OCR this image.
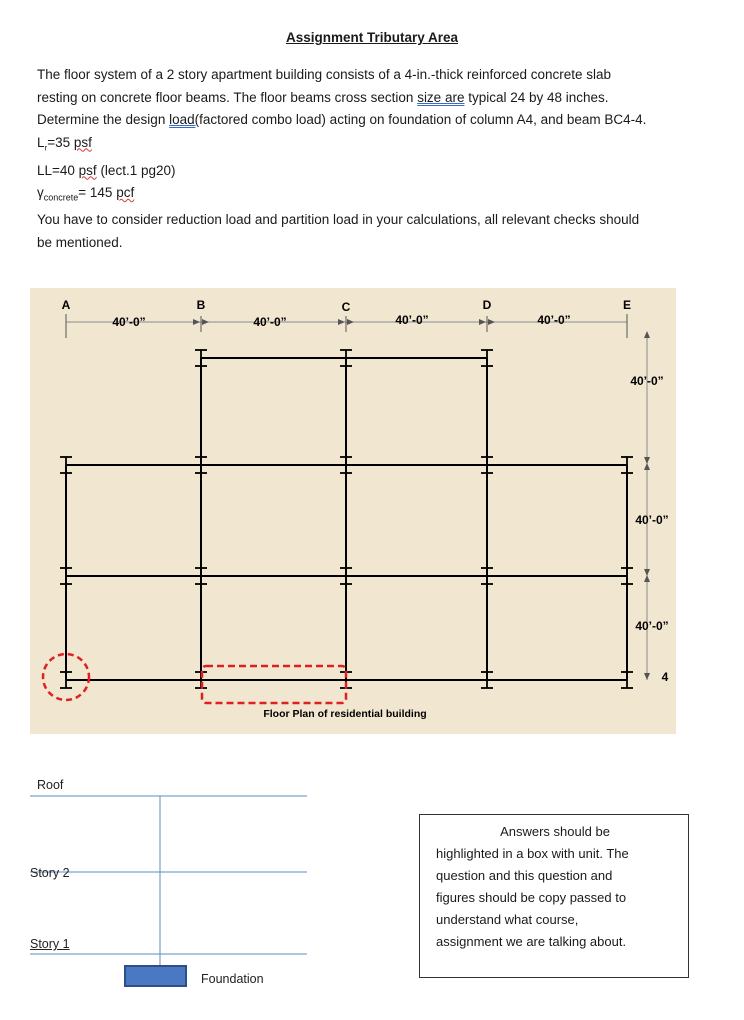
Assignment Tributary Area
The floor system of a 2 story apartment building consists of a 4-in.-thick reinforced concrete slab
resting on concrete floor beams. The floor beams cross section size are typical 24 by 48 inches.
Determine the design load(factored combo load) acting on foundation of column A4, and beam BC4-4.
$L_r=35$ psf
LL=40 psf (lect.1 pg20)
$\gamma_{concrete}= 145$ pcf
You have to consider reduction load and partition load in your calculations, all relevant checks should
be mentioned.
A	B	C	D	E
40’-0”	40’-0”	40’-0”	40’-0”
40’-0”
40’-0”
40’-0”
4
Floor Plan of residential building
Roof
Story 2
Story 1
Foundation
Answers should be
highlighted in a box with unit. The
question and this question and
figures should be copy passed to
understand what course,
assignment we are talking about.
